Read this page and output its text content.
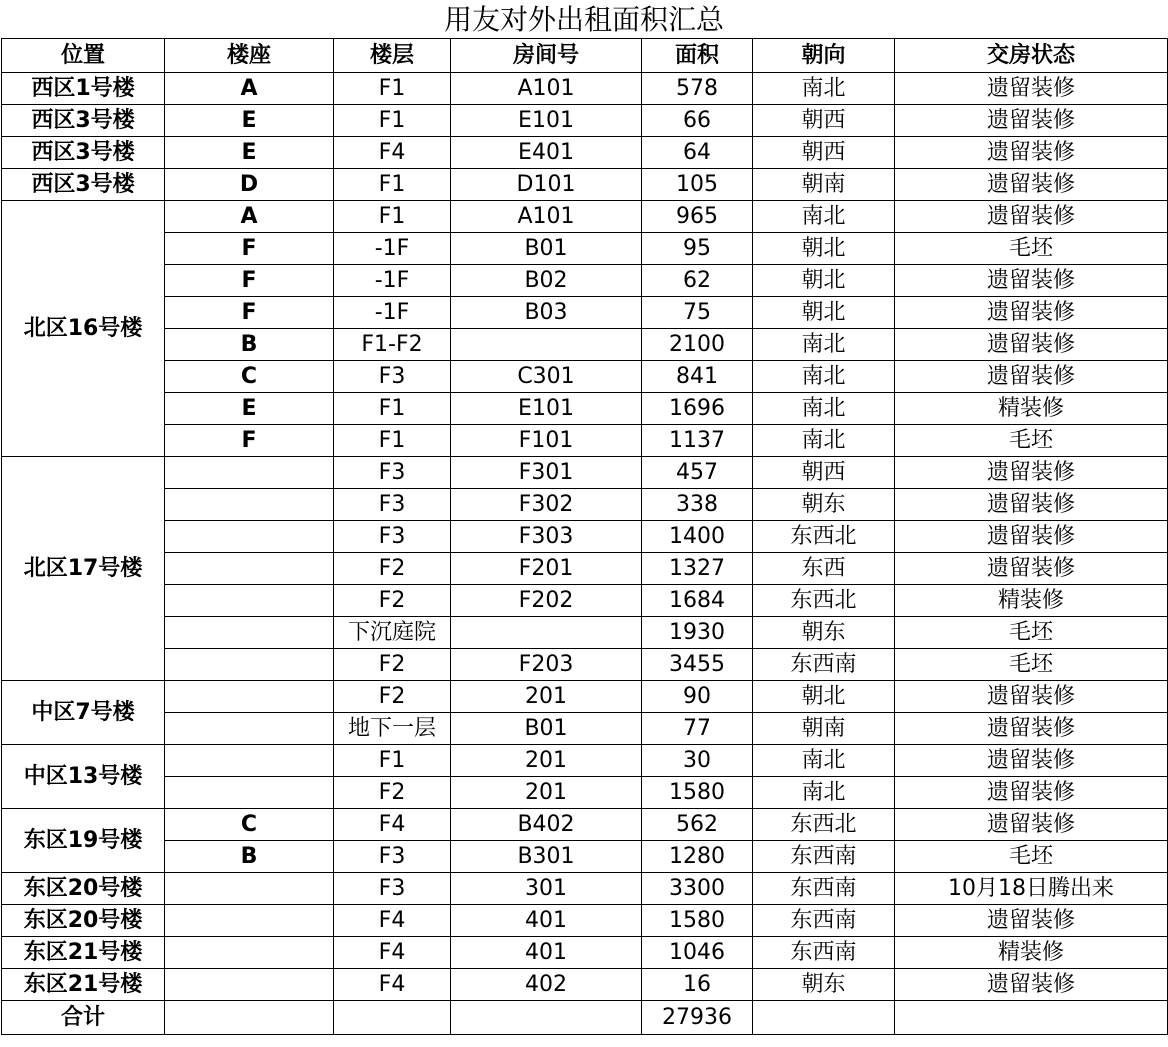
用友对外出租面积汇总
位置	楼座	楼层	房间号	面积	朝向	交房状态
西区1号楼	A	F1	A101	578	南北	遗留装修
西区3号楼	E	F1	E101	66	朝西	遗留装修
西区3号楼	E	F4	E401	64	朝西	遗留装修
西区3号楼	D	F1	D101	105	朝南	遗留装修
北区16号楼	A	F1	A101	965	南北	遗留装修
	F	-1F	B01	95	朝北	毛坯
	F	-1F	B02	62	朝北	遗留装修
	F	-1F	B03	75	朝北	遗留装修
	B	F1-F2		2100	南北	遗留装修
	C	F3	C301	841	南北	遗留装修
	E	F1	E101	1696	南北	精装修
	F	F1	F101	1137	南北	毛坯
北区17号楼		F3	F301	457	朝西	遗留装修
		F3	F302	338	朝东	遗留装修
		F3	F303	1400	东西北	遗留装修
		F2	F201	1327	东西	遗留装修
		F2	F202	1684	东西北	精装修
		下沉庭院		1930	朝东	毛坯
		F2	F203	3455	东西南	毛坯
中区7号楼		F2	201	90	朝北	遗留装修
		地下一层	B01	77	朝南	遗留装修
中区13号楼		F1	201	30	南北	遗留装修
		F2	201	1580	南北	遗留装修
东区19号楼	C	F4	B402	562	东西北	遗留装修
	B	F3	B301	1280	东西南	毛坯
东区20号楼		F3	301	3300	东西南	10月18日腾出来
东区20号楼		F4	401	1580	东西南	遗留装修
东区21号楼		F4	401	1046	东西南	精装修
东区21号楼		F4	402	16	朝东	遗留装修
合计				27936		
